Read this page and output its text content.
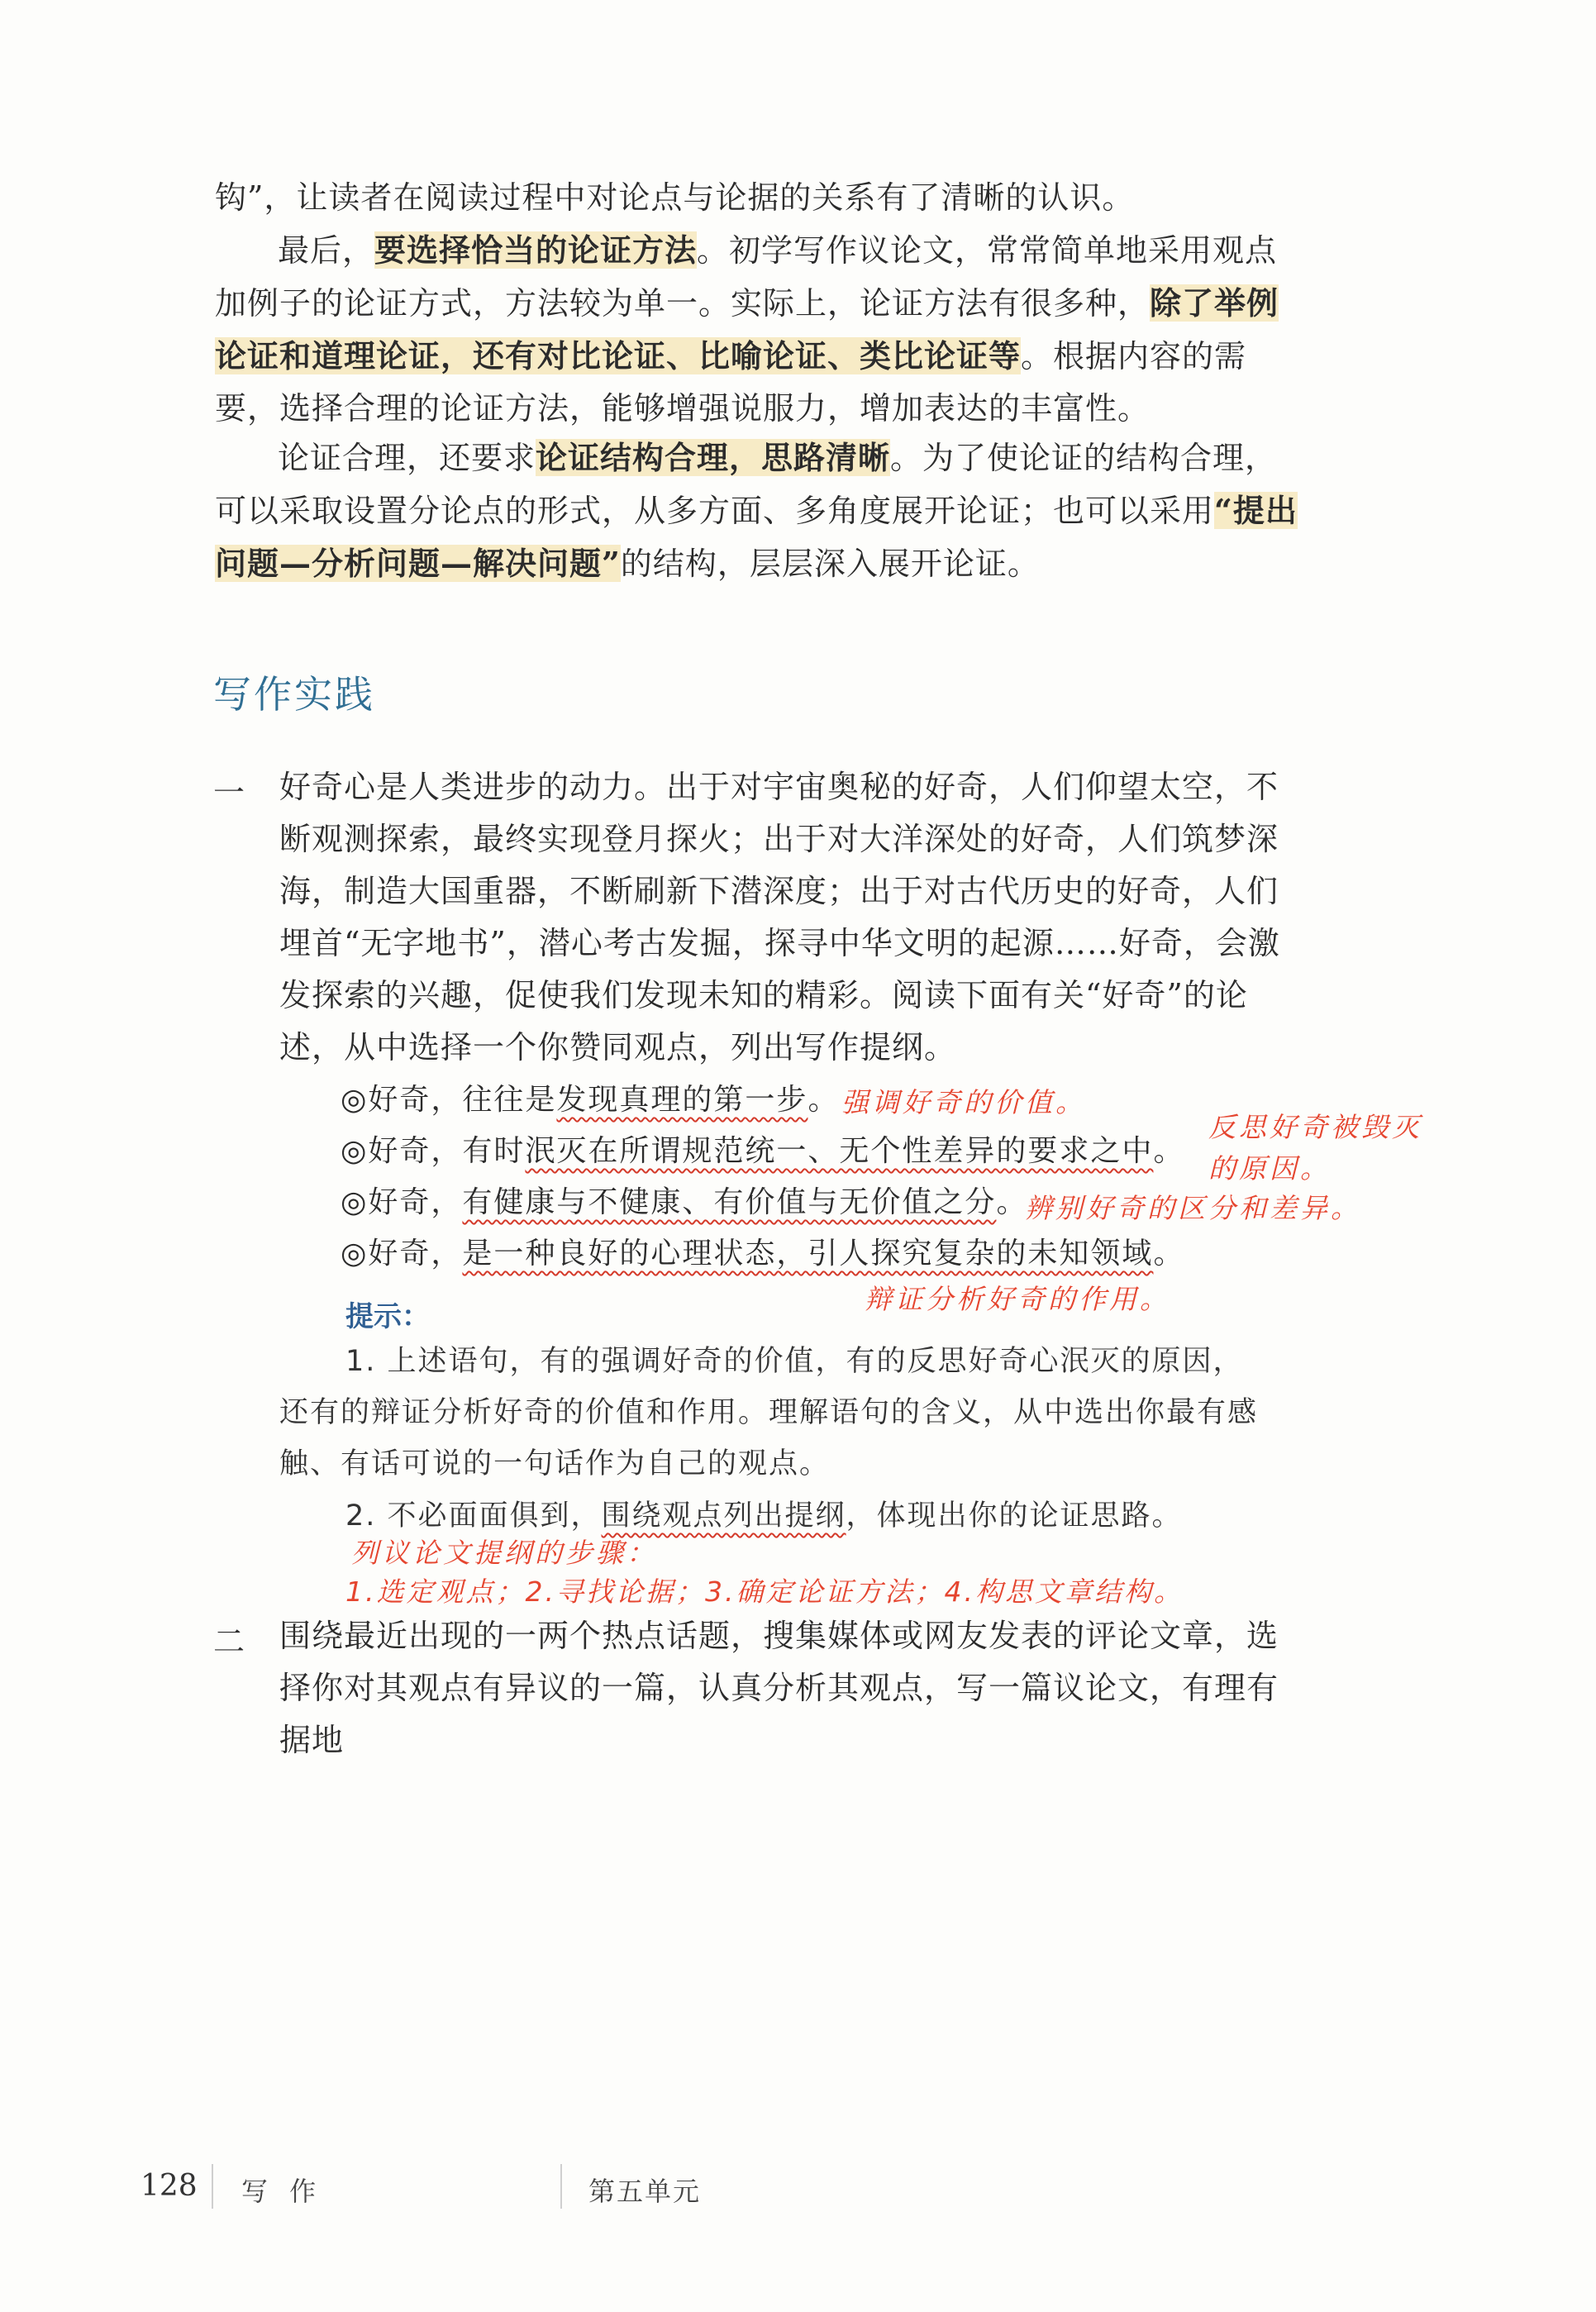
钩”，让读者在阅读过程中对论点与论据的关系有了清晰的认识。
最后，要选择恰当的论证方法。初学写作议论文，常常简单地采用观点加例子的论证方式，方法较为单一。实际上，论证方法有很多种，除了举例论证和道理论证，还有对比论证、比喻论证、类比论证等。根据内容的需要，选择合理的论证方法，能够增强说服力，增加表达的丰富性。
论证合理，还要求论证结构合理，思路清晰。为了使论证的结构合理，可以采取设置分论点的形式，从多方面、多角度展开论证；也可以采用“提出问题—分析问题—解决问题”的结构，层层深入展开论证。
写作实践
一 好奇心是人类进步的动力。出于对宇宙奥秘的好奇，人们仰望太空，不断观测探索，最终实现登月探火；出于对大洋深处的好奇，人们筑梦深海，制造大国重器，不断刷新下潜深度；出于对古代历史的好奇，人们埋首“无字地书”，潜心考古发掘，探寻中华文明的起源……好奇，会激发探索的兴趣，促使我们发现未知的精彩。阅读下面有关“好奇”的论述，从中选择一个你赞同观点，列出写作提纲。
◎好奇，往往是发现真理的第一步。
◎好奇，有时泯灭在所谓规范统一、无个性差异的要求之中。
◎好奇，有健康与不健康、有价值与无价值之分。
◎好奇，是一种良好的心理状态，引人探究复杂的未知领域。
提示：
1. 上述语句，有的强调好奇的价值，有的反思好奇心泯灭的原因，
还有的辩证分析好奇的价值和作用。理解语句的含义，从中选出你最有感
触、有话可说的一句话作为自己的观点。
2. 不必面面俱到，围绕观点列出提纲，体现出你的论证思路。
强调好奇的价值。
反思好奇被毁灭
的原因。
辨别好奇的区分和差异。
辩证分析好奇的作用。
列议论文提纲的步骤：
1.选定观点；2.寻找论据；3.确定论证方法；4.构思文章结构。
二 围绕最近出现的一两个热点话题，搜集媒体或网友发表的评论文章，选择你对其观点有异议的一篇，认真分析其观点，写一篇议论文，有理有据地
128 写 作	第五单元
